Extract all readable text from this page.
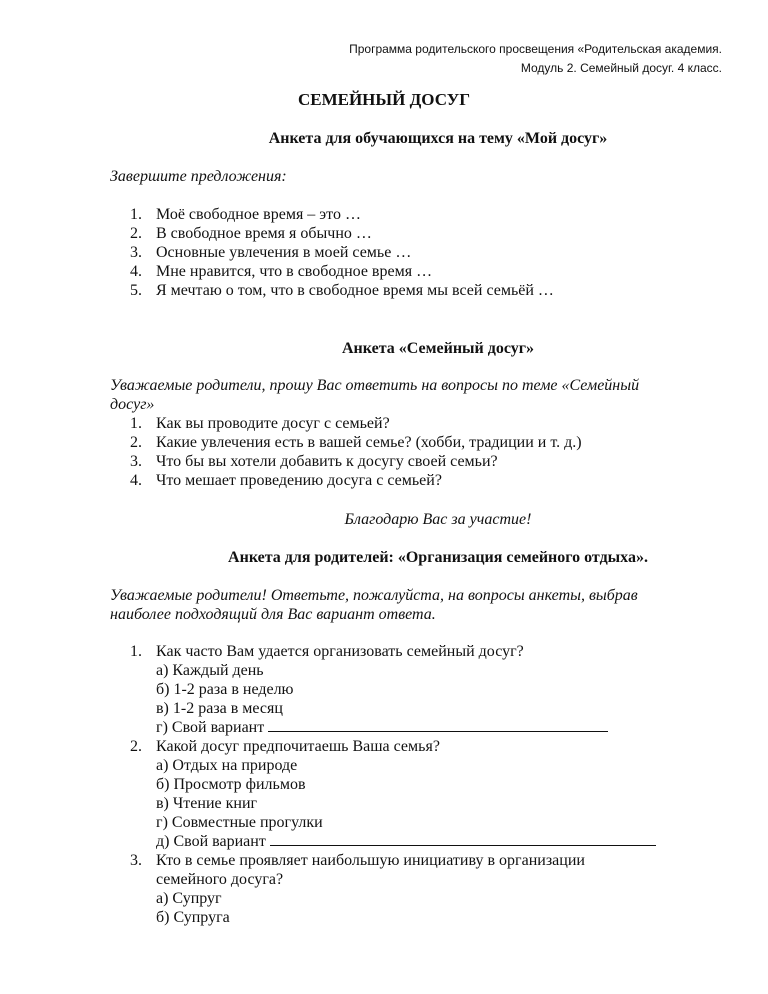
Программа родительского просвещения «Родительская академия.
Модуль 2. Семейный досуг. 4 класс.
СЕМЕЙНЫЙ ДОСУГ
Анкета для обучающихся на тему «Мой досуг»
Завершите предложения:
1. Моё свободное время – это …
2. В свободное время я обычно …
3. Основные увлечения в моей семье …
4. Мне нравится, что в свободное время …
5. Я мечтаю о том, что в свободное время мы всей семьёй …
Анкета «Семейный досуг»
Уважаемые родители, прошу Вас ответить на вопросы по теме «Семейный
досуг»
1. Как вы проводите досуг с семьей?
2. Какие увлечения есть в вашей семье? (хобби, традиции и т. д.)
3. Что бы вы хотели добавить к досугу своей семьи?
4. Что мешает проведению досуга с семьей?
Благодарю Вас за участие!
Анкета для родителей: «Организация семейного отдыха».
Уважаемые родители! Ответьте, пожалуйста, на вопросы анкеты, выбрав
наиболее подходящий для Вас вариант ответа.
1. Как часто Вам удается организовать семейный досуг?
а) Каждый день
б) 1-2 раза в неделю
в) 1-2 раза в месяц
г) Свой вариант
2. Какой досуг предпочитаешь Ваша семья?
а) Отдых на природе
б) Просмотр фильмов
в) Чтение книг
г) Совместные прогулки
д) Свой вариант
3. Кто в семье проявляет наибольшую инициативу в организации
семейного досуга?
а) Супруг
б) Супруга
